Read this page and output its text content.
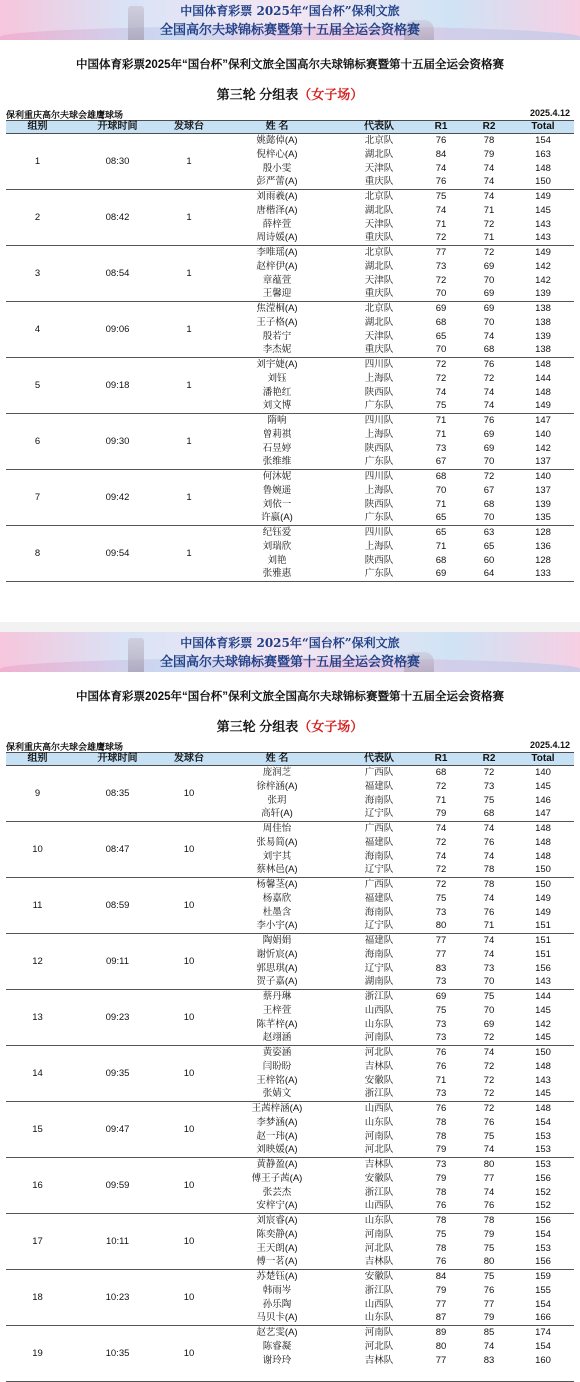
中国体育彩票 2025年“国台杯”保利文旅
全国高尔夫球锦标赛暨第十五届全运会资格赛
中国体育彩票2025年“国台杯”保利文旅全国高尔夫球锦标赛暨第十五届全运会资格赛
第三轮 分组表（女子场）
保利重庆高尔夫球会雄鹰球场	2025.4.12
组别	开球时间	发球台	姓 名	代表队	R1	R2	Total
1	08:30	1
姚懿倬(A)	北京队	76	78	154
倪梓心(A)	湖北队	84	79	163
殷小雯	天津队	74	74	148
彭严蕾(A)	重庆队	76	74	150
2	08:42	1
刘雨羲(A)	北京队	75	74	149
唐楷泽(A)	湖北队	74	71	145
薛梓萱	天津队	71	72	143
周诗媛(A)	重庆队	72	71	143
3	08:54	1
李唯瑶(A)	北京队	77	72	149
赵梓伊(A)	湖北队	73	69	142
章蕴萱	天津队	72	70	142
王馨迎	重庆队	70	69	139
4	09:06	1
焦滢桐(A)	北京队	69	69	138
王子格(A)	湖北队	68	70	138
殷若宁	天津队	65	74	139
李杰妮	重庆队	70	68	138
5	09:18	1
刘宇婕(A)	四川队	72	76	148
刘钰	上海队	72	72	144
潘艳红	陕西队	74	74	148
刘文博	广东队	75	74	149
6	09:30	1
隋响	四川队	71	76	147
曾莉祺	上海队	71	69	140
石昱婷	陕西队	73	69	142
张维维	广东队	67	70	137
7	09:42	1
何沐妮	四川队	68	72	140
鲁婉遥	上海队	70	67	137
刘依一	陕西队	71	68	139
许嬴(A)	广东队	65	70	135
8	09:54	1
纪钰爱	四川队	65	63	128
刘瑞欣	上海队	71	65	136
刘艳	陕西队	68	60	128
张雅惠	广东队	69	64	133
中国体育彩票 2025年“国台杯”保利文旅
全国高尔夫球锦标赛暨第十五届全运会资格赛
中国体育彩票2025年“国台杯”保利文旅全国高尔夫球锦标赛暨第十五届全运会资格赛
第三轮 分组表（女子场）
保利重庆高尔夫球会雄鹰球场	2025.4.12
组别	开球时间	发球台	姓 名	代表队	R1	R2	Total
9	08:35	10
庞润芝	广西队	68	72	140
徐梓涵(A)	福建队	72	73	145
张玥	海南队	71	75	146
高轩(A)	辽宁队	79	68	147
10	08:47	10
周佳怡	广西队	74	74	148
张易简(A)	福建队	72	76	148
刘宇其	海南队	74	74	148
蔡林邑(A)	辽宁队	72	78	150
11	08:59	10
杨馨茎(A)	广西队	72	78	150
杨嘉欣	福建队	75	74	149
杜墨含	海南队	73	76	149
李小宇(A)	辽宁队	80	71	151
12	09:11	10
陶娟娟	福建队	77	74	151
谢忻宸(A)	海南队	77	74	151
郭思琪(A)	辽宁队	83	73	156
贺子嘉(A)	湖南队	73	70	143
13	09:23	10
蔡丹琳	浙江队	69	75	144
王梓萱	山西队	75	70	145
陈芊梓(A)	山东队	73	69	142
赵翊涵	河南队	73	72	145
14	09:35	10
黄姿涵	河北队	76	74	150
闫盼盼	吉林队	76	72	148
王梓铭(A)	安徽队	71	72	143
张婧文	浙江队	73	72	145
15	09:47	10
王茜梓涵(A)	山西队	76	72	148
李梦涵(A)	山东队	78	76	154
赵一玮(A)	河南队	78	75	153
刘映媛(A)	河北队	79	74	153
16	09:59	10
黄静盈(A)	吉林队	73	80	153
傅王子茜(A)	安徽队	79	77	156
张芸杰	浙江队	78	74	152
安梓宁(A)	山西队	76	76	152
17	10:11	10
刘宸睿(A)	山东队	78	78	156
陈奕静(A)	河南队	75	79	154
王天朗(A)	河北队	78	75	153
傅一茗(A)	吉林队	76	80	156
18	10:23	10
苏楚钰(A)	安徽队	84	75	159
韩雨岑	浙江队	79	76	155
孙乐陶	山西队	77	77	154
马贝卡(A)	山东队	87	79	166
19	10:35	10
赵艺雯(A)	河南队	89	85	174
陈睿凝	河北队	80	74	154
谢玲玲	吉林队	77	83	160
